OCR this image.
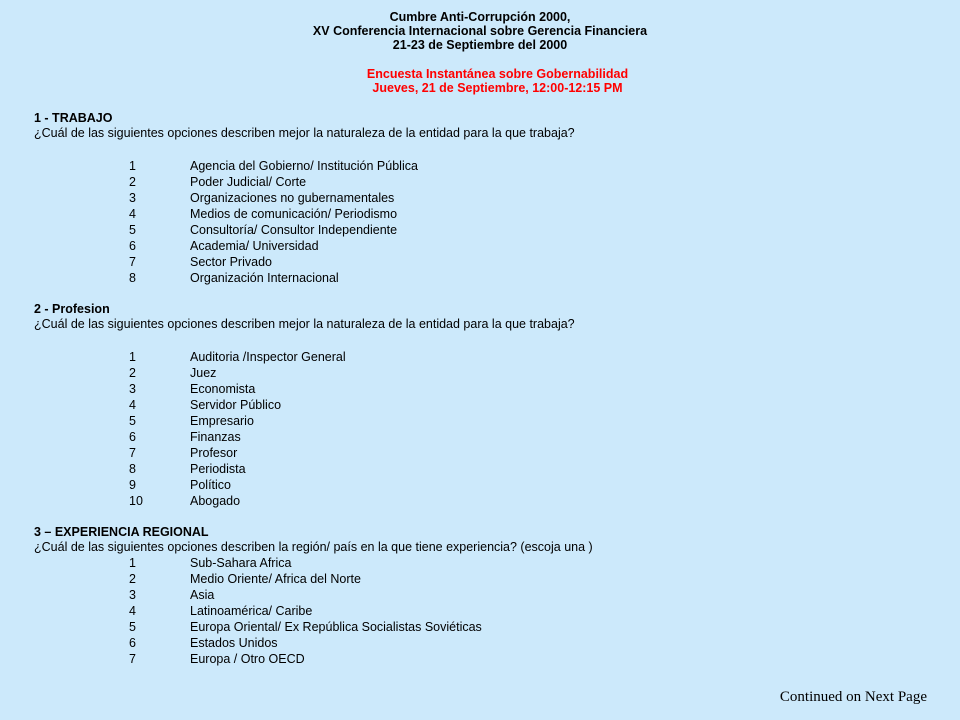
Cumbre Anti-Corrupción 2000,
XV Conferencia Internacional sobre Gerencia Financiera
21-23 de Septiembre del 2000
Encuesta Instantánea sobre Gobernabilidad
Jueves, 21 de Septiembre, 12:00-12:15 PM
1 - TRABAJO
¿Cuál de las siguientes opciones describen mejor la naturaleza de la entidad para la que trabaja?
1	Agencia del Gobierno/ Institución Pública
2	Poder Judicial/ Corte
3	Organizaciones no gubernamentales
4	Medios de comunicación/ Periodismo
5	Consultoría/ Consultor Independiente
6	Academia/ Universidad
7	Sector Privado
8	Organización Internacional
2 - Profesion
¿Cuál de las siguientes opciones describen mejor la naturaleza de la entidad para la que trabaja?
1	Auditoria /Inspector General
2	Juez
3	Economista
4	Servidor Público
5	Empresario
6	Finanzas
7	Profesor
8	Periodista
9	Político
10	Abogado
3 – EXPERIENCIA REGIONAL
¿Cuál de las siguientes opciones describen la región/ país en la que tiene experiencia? (escoja una )
1	Sub-Sahara Africa
2	Medio Oriente/ Africa del Norte
3	Asia
4	Latinoamérica/ Caribe
5	Europa Oriental/ Ex República Socialistas Soviéticas
6	Estados Unidos
7	Europa / Otro OECD
Continued on Next Page
